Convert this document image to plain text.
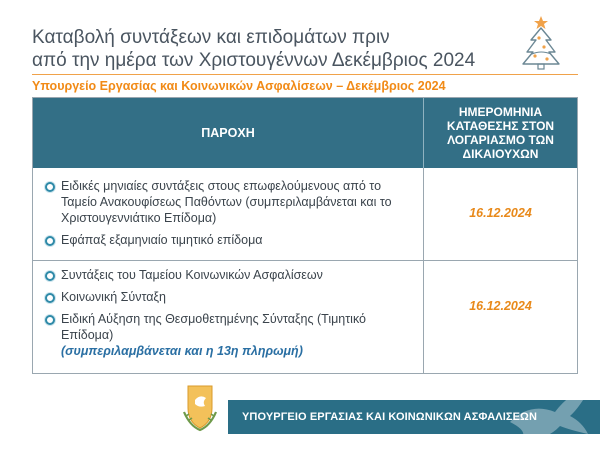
Καταβολή συντάξεων και επιδομάτων πριν
από την ημέρα των Χριστουγέννων Δεκέμβριος 2024
Υπουργείο Εργασίας και Κοινωνικών Ασφαλίσεων – Δεκέμβριος 2024
ΠΑΡΟΧΗ
ΗΜΕΡΟΜΗΝΙΑ ΚΑΤΑΘΕΣΗΣ ΣΤΟΝ ΛΟΓΑΡΙΑΣΜΟ ΤΩΝ ΔΙΚΑΙΟΥΧΩΝ
Ειδικές μηνιαίες συντάξεις στους επωφελούμενους από το Ταμείο Ανακουφίσεως Παθόντων (συμπεριλαμβάνεται και το Χριστουγεννιάτικο Επίδομα)
Εφάπαξ εξαμηνιαίο τιμητικό επίδομα
16.12.2024
Συντάξεις του Ταμείου Κοινωνικών Ασφαλίσεων
Κοινωνική Σύνταξη
Ειδική Αύξηση της Θεσμοθετημένης Σύνταξης (Τιμητικό Επίδομα)
(συμπεριλαμβάνεται και η 13η πληρωμή)
16.12.2024
ΥΠΟΥΡΓΕΙΟ ΕΡΓΑΣΙΑΣ ΚΑΙ ΚΟΙΝΩΝΙΚΩΝ ΑΣΦΑΛΙΣΕΩΝ
